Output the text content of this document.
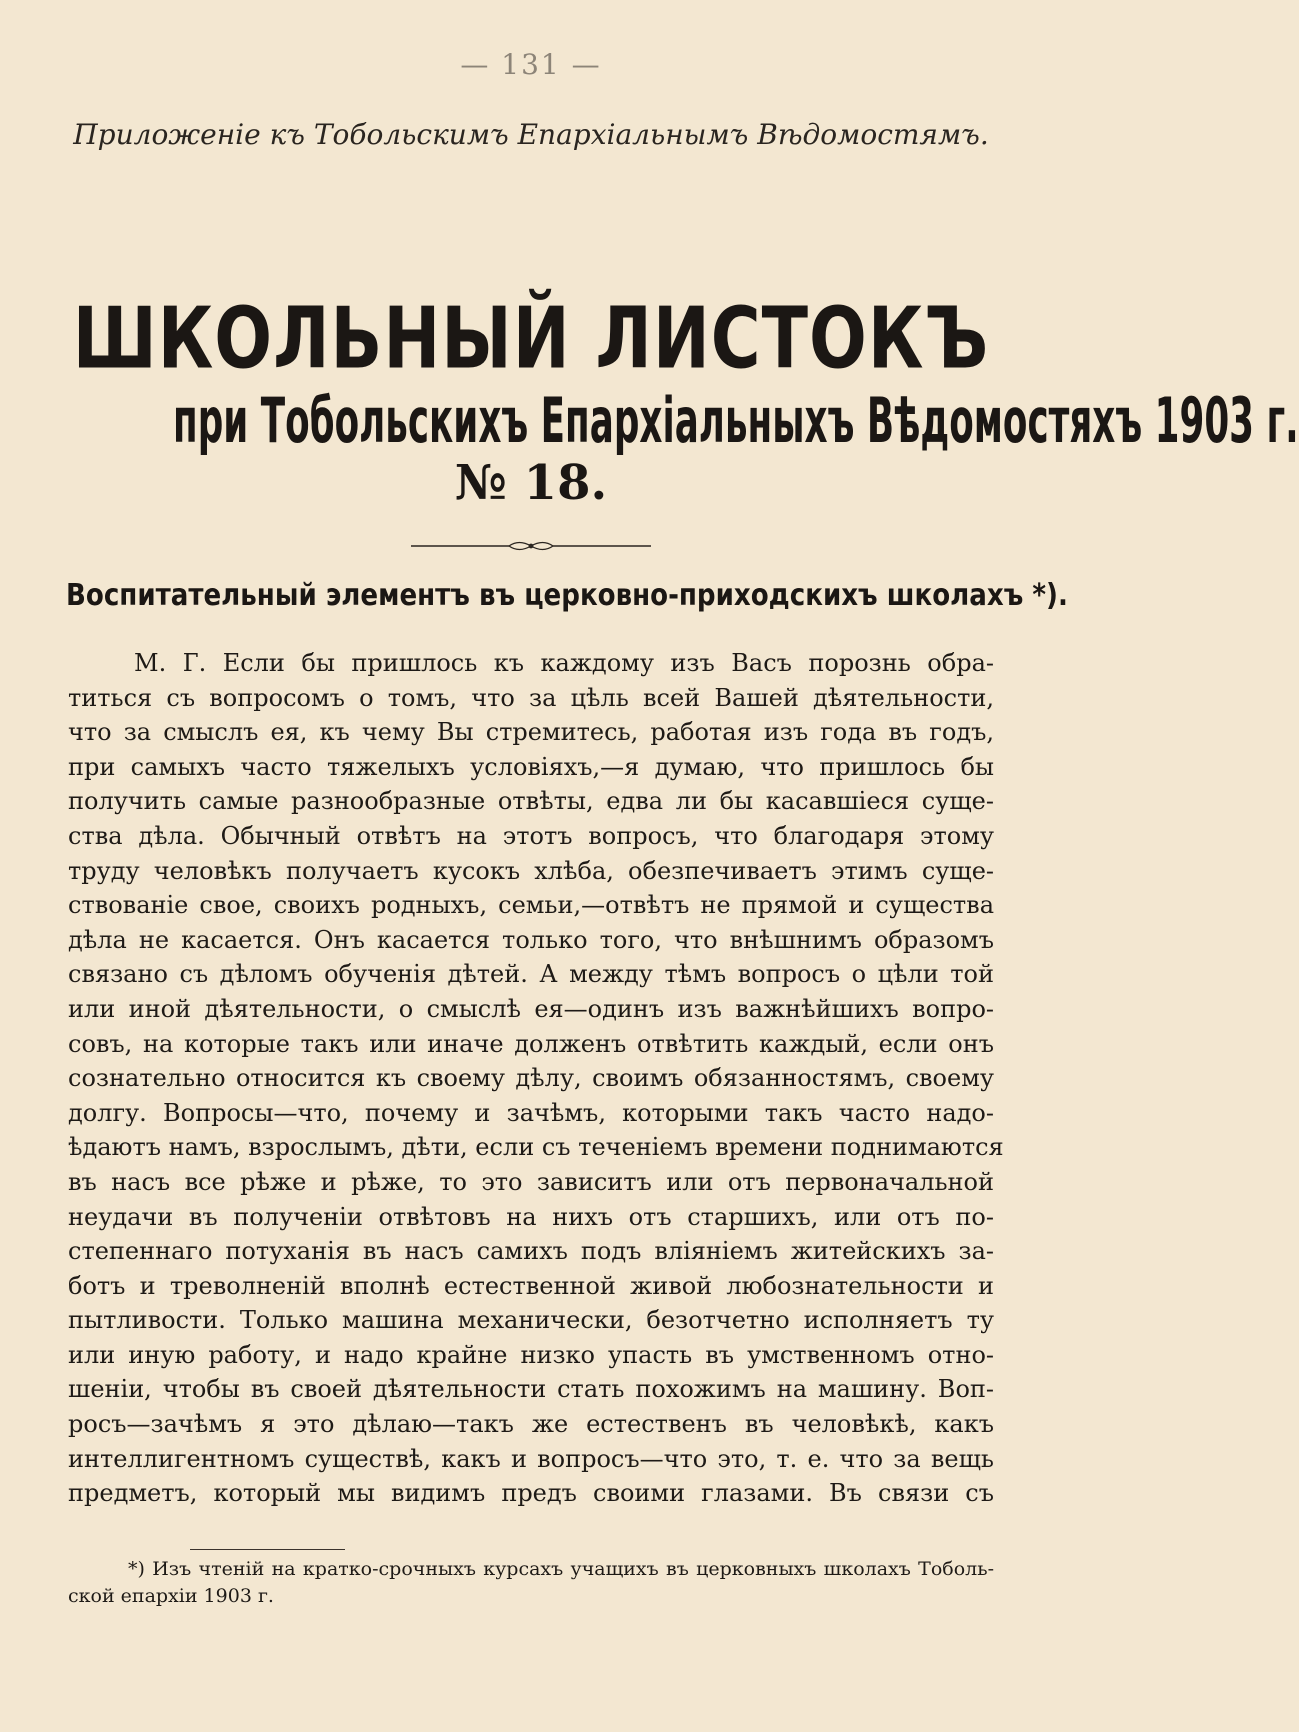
— 131 —
Приложеніе къ Тобольскимъ Епархіальнымъ Вѣдомостямъ.
ШКОЛЬНЫЙ ЛИСТОКЪ
при Тобольскихъ Епархіальныхъ Вѣдомостяхъ 1903 г.
№ 18.
Воспитательный элементъ въ церковно-приходскихъ школахъ *).
М. Г. Если бы пришлось къ каждому изъ Васъ порознь обра-
титься съ вопросомъ о томъ, что за цѣль всей Вашей дѣятельности,
что за смыслъ ея, къ чему Вы стремитесь, работая изъ года въ годъ,
при самыхъ часто тяжелыхъ условіяхъ,—я думаю, что пришлось бы
получить самые разнообразные отвѣты, едва ли бы касавшіеся суще-
ства дѣла. Обычный отвѣтъ на этотъ вопросъ, что благодаря этому
труду человѣкъ получаетъ кусокъ хлѣба, обезпечиваетъ этимъ суще-
ствованіе свое, своихъ родныхъ, семьи,—отвѣтъ не прямой и существа
дѣла не касается. Онъ касается только того, что внѣшнимъ образомъ
связано съ дѣломъ обученія дѣтей. А между тѣмъ вопросъ о цѣли той
или иной дѣятельности, о смыслѣ ея—одинъ изъ важнѣйшихъ вопро-
совъ, на которые такъ или иначе долженъ отвѣтить каждый, если онъ
сознательно относится къ своему дѣлу, своимъ обязанностямъ, своему
долгу. Вопросы—что, почему и зачѣмъ, которыми такъ часто надо-
ѣдаютъ намъ, взрослымъ, дѣти, если съ теченіемъ времени поднимаются
въ насъ все рѣже и рѣже, то это зависитъ или отъ первоначальной
неудачи въ полученіи отвѣтовъ на нихъ отъ старшихъ, или отъ по-
степеннаго потуханія въ насъ самихъ подъ вліяніемъ житейскихъ за-
ботъ и треволненій вполнѣ естественной живой любознательности и
пытливости. Только машина механически, безотчетно исполняетъ ту
или иную работу, и надо крайне низко упасть въ умственномъ отно-
шеніи, чтобы въ своей дѣятельности стать похожимъ на машину. Воп-
росъ—зачѣмъ я это дѣлаю—такъ же естественъ въ человѣкѣ, какъ
интеллигентномъ существѣ, какъ и вопросъ—что это, т. е. что за вещь
предметъ, который мы видимъ предъ своими глазами. Въ связи съ
*) Изъ чтеній на кратко-срочныхъ курсахъ учащихъ въ церковныхъ школахъ Тоболь-
ской епархіи 1903 г.
